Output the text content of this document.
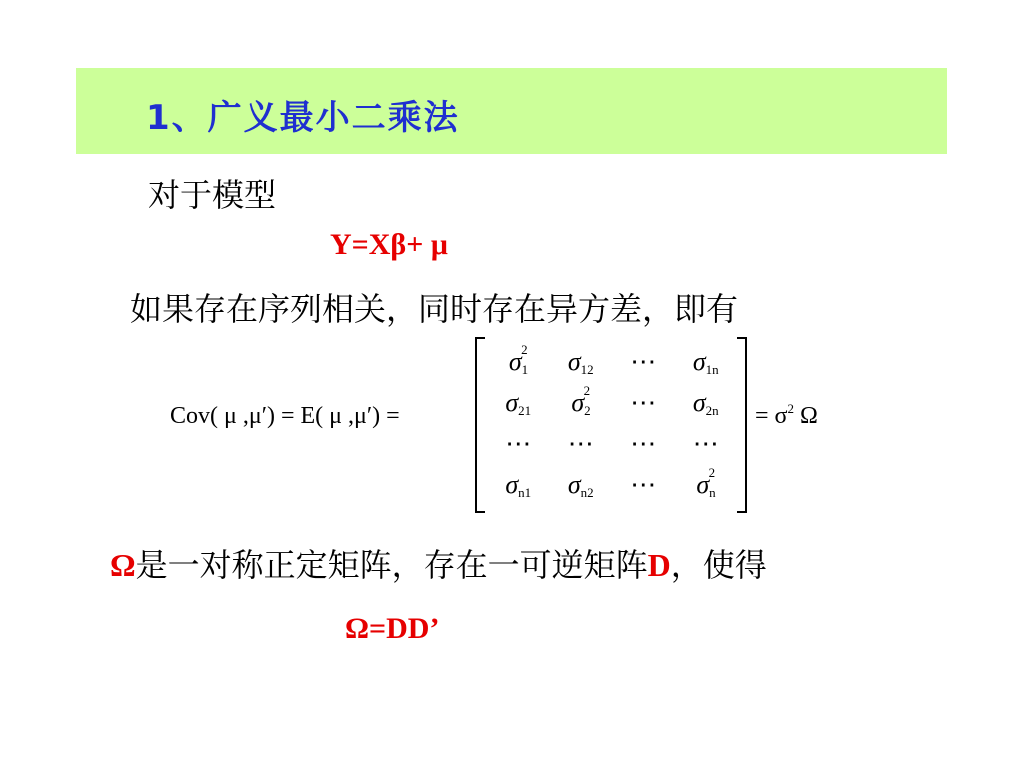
1、广义最小二乘法
对于模型
Y=Xβ+ μ
如果存在序列相关，同时存在异方差，即有
Cov( μ ,μ′) = E( μ ,μ′) =
σ 1
2 σ 12 ⋯ σ 1n
σ 21 σ 2
2 ⋯ σ 2n
⋯ ⋯ ⋯ ⋯
σ n1 σ n2 ⋯ σ n
2
= $\sigma^2$ Ω
Ω是一对称正定矩阵，存在一可逆矩阵D，使得
Ω=DD’
